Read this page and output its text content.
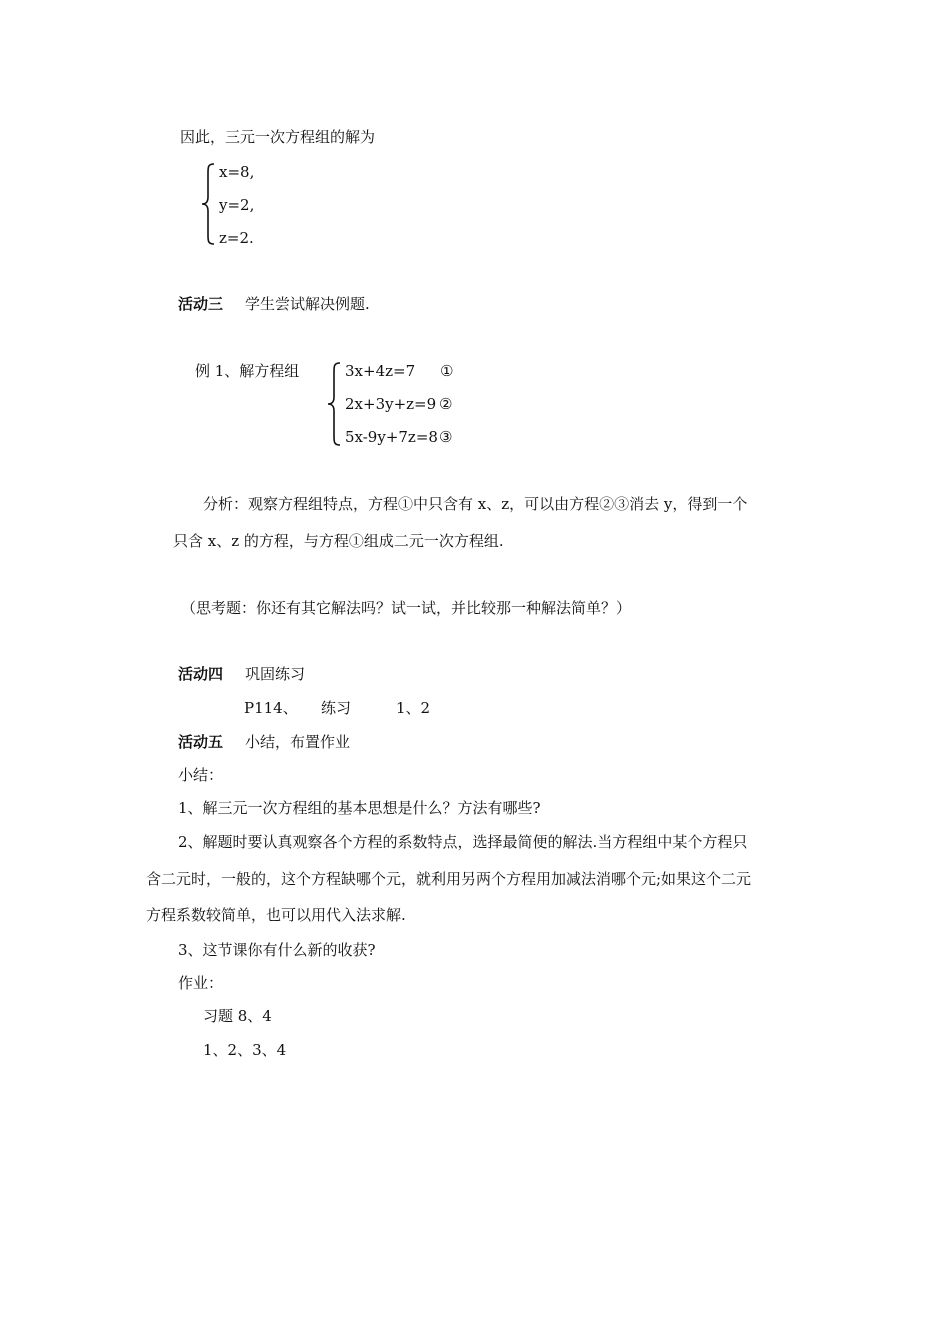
因此，三元一次方程组的解为
x=8,
y=2,
z=2.
活动三 学生尝试解决例题.
例 1、解方程组	3x+4z=7 ①
2x+3y+z=9 ②
5x-9y+7z=8 ③
分析：观察方程组特点，方程①中只含有 x、z，可以由方程②③消去 y，得到一个
只含 x、z 的方程，与方程①组成二元一次方程组.
（思考题：你还有其它解法吗？试一试，并比较那一种解法简单？）
活动四 巩固练习
P114、 练习	1、2
活动五 小结，布置作业
小结：
1、解三元一次方程组的基本思想是什么？方法有哪些?
2、解题时要认真观察各个方程的系数特点，选择最简便的解法.当方程组中某个方程只
含二元时，一般的，这个方程缺哪个元，就利用另两个方程用加减法消哪个元;如果这个二元
方程系数较简单，也可以用代入法求解.
3、这节课你有什么新的收获?
作业：
习题 8、4
1、2、3、4
